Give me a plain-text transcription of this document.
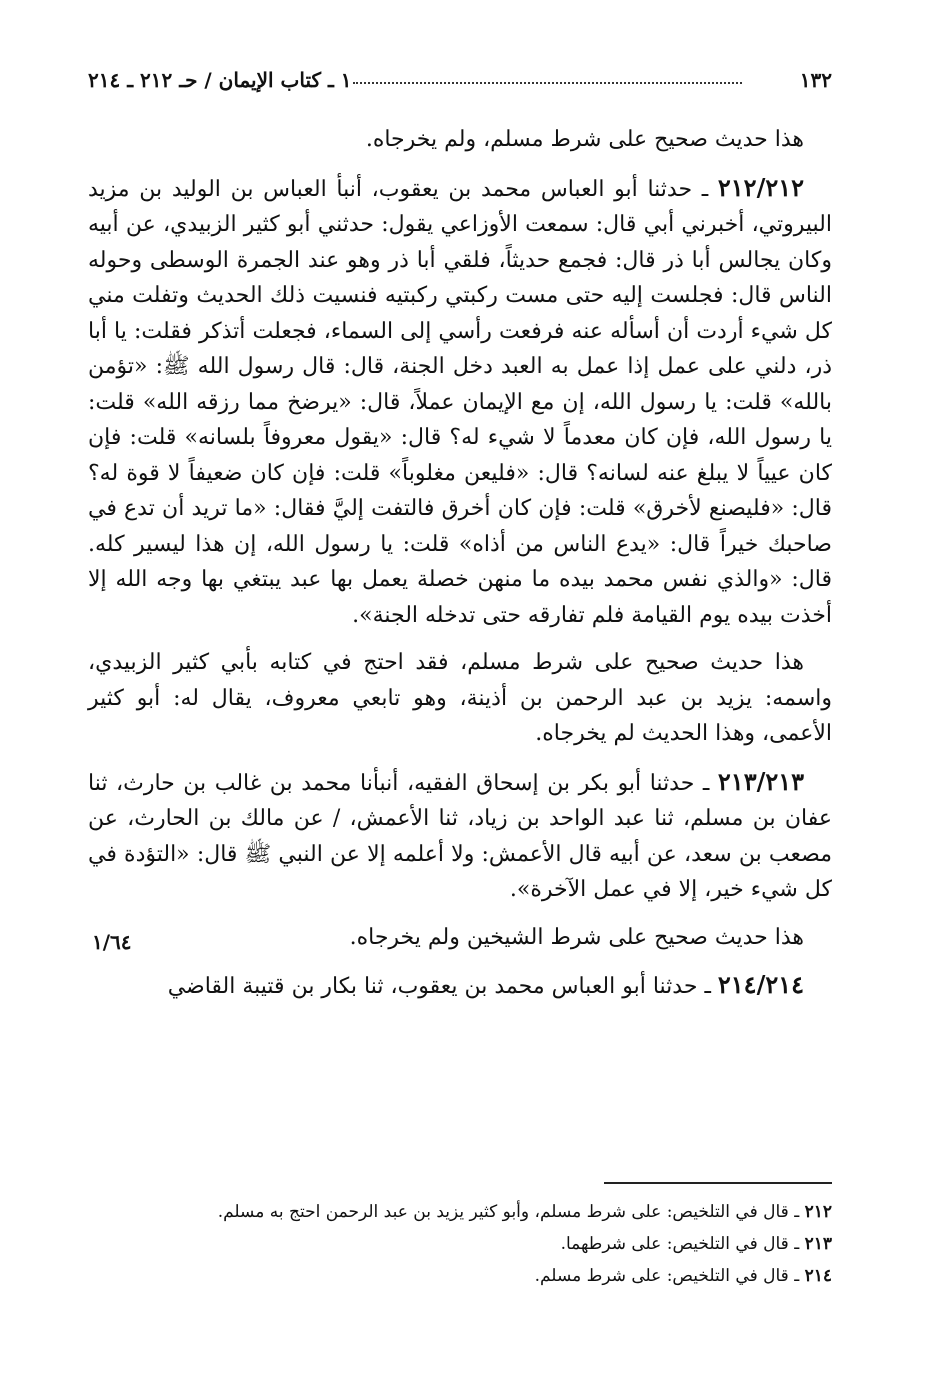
١٣٢
١ ـ كتاب الإيمان / حـ ٢١٢ ـ ٢١٤

هذا حديث صحيح على شرط مسلم، ولم يخرجاه.

٢١٢/٢١٢ ـ حدثنا أبو العباس محمد بن يعقوب، أنبأ العباس بن الوليد بن مزيد البيروتي، أخبرني أبي قال: سمعت الأوزاعي يقول: حدثني أبو كثير الزبيدي، عن أبيه وكان يجالس أبا ذر قال: فجمع حديثاً، فلقي أبا ذر وهو عند الجمرة الوسطى وحوله الناس قال: فجلست إليه حتى مست ركبتي ركبتيه فنسيت ذلك الحديث وتفلت مني كل شيء أردت أن أسأله عنه فرفعت رأسي إلى السماء، فجعلت أتذكر فقلت: يا أبا ذر، دلني على عمل إذا عمل به العبد دخل الجنة، قال: قال رسول الله ﷺ: «تؤمن بالله» قلت: يا رسول الله، إن مع الإيمان عملاً، قال: «يرضخ مما رزقه الله» قلت: يا رسول الله، فإن كان معدماً لا شيء له؟ قال: «يقول معروفاً بلسانه» قلت: فإن كان عيياً لا يبلغ عنه لسانه؟ قال: «فليعن مغلوباً» قلت: فإن كان ضعيفاً لا قوة له؟ قال: «فليصنع لأخرق» قلت: فإن كان أخرق فالتفت إليَّ فقال: «ما تريد أن تدع في صاحبك خيراً قال: «يدع الناس من أذاه» قلت: يا رسول الله، إن هذا ليسير كله. قال: «والذي نفس محمد بيده ما منهن خصلة يعمل بها عبد يبتغي بها وجه الله إلا أخذت بيده يوم القيامة فلم تفارقه حتى تدخله الجنة».

هذا حديث صحيح على شرط مسلم، فقد احتج في كتابه بأبي كثير الزبيدي، واسمه: يزيد بن عبد الرحمن بن أذينة، وهو تابعي معروف، يقال له: أبو كثير الأعمى، وهذا الحديث لم يخرجاه.

٢١٣/٢١٣ ـ حدثنا أبو بكر بن إسحاق الفقيه، أنبأنا محمد بن غالب بن حارث، ثنا عفان بن مسلم، ثنا عبد الواحد بن زياد، ثنا الأعمش، / عن مالك بن الحارث، عن مصعب بن سعد، عن أبيه قال الأعمش: ولا أعلمه إلا عن النبي ﷺ قال: «التؤدة في كل شيء خير، إلا في عمل الآخرة».

هذا حديث صحيح على شرط الشيخين ولم يخرجاه.

٢١٤/٢١٤ ـ حدثنا أبو العباس محمد بن يعقوب، ثنا بكار بن قتيبة القاضي

١/٦٤
٢١٢ ـ قال في التلخيص: على شرط مسلم، وأبو كثير يزيد بن عبد الرحمن احتج به مسلم.
٢١٣ ـ قال في التلخيص: على شرطهما.
٢١٤ ـ قال في التلخيص: على شرط مسلم.
